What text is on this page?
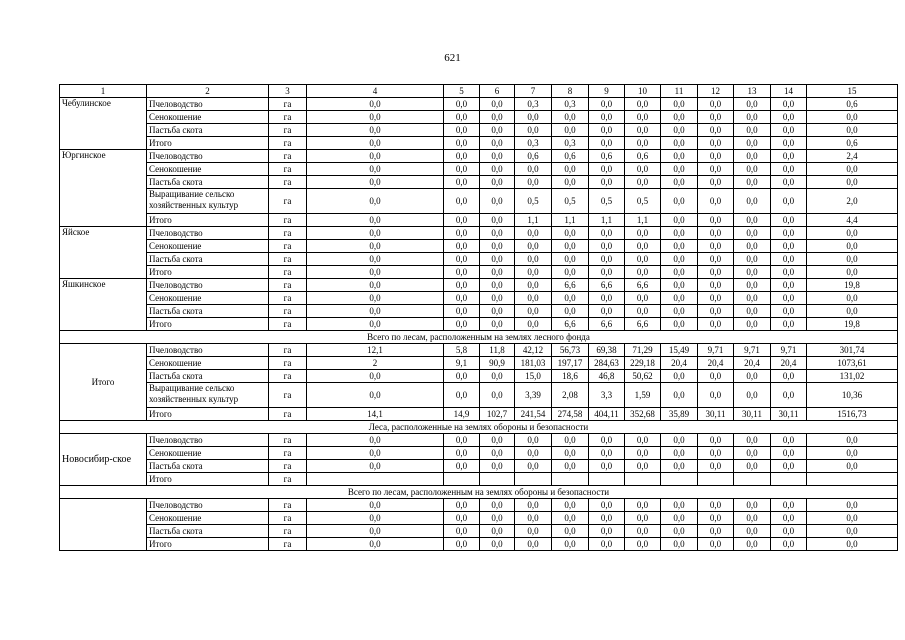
621
1	2	3	4	5	6	7	8	9	10	11	12	13	14	15
Чебулинское	Пчеловодство	га	0,0	0,0	0,0	0,3	0,3	0,0	0,0	0,0	0,0	0,0	0,0	0,6
	Сенокошение	га	0,0	0,0	0,0	0,0	0,0	0,0	0,0	0,0	0,0	0,0	0,0	0,0
	Пастьба скота	га	0,0	0,0	0,0	0,0	0,0	0,0	0,0	0,0	0,0	0,0	0,0	0,0
	Итого	га	0,0	0,0	0,0	0,3	0,3	0,0	0,0	0,0	0,0	0,0	0,0	0,6
Юргинское	Пчеловодство	га	0,0	0,0	0,0	0,6	0,6	0,6	0,6	0,0	0,0	0,0	0,0	2,4
	Сенокошение	га	0,0	0,0	0,0	0,0	0,0	0,0	0,0	0,0	0,0	0,0	0,0	0,0
	Пастьба скота	га	0,0	0,0	0,0	0,0	0,0	0,0	0,0	0,0	0,0	0,0	0,0	0,0
	Выращивание сельско хозяйственных культур	га	0,0	0,0	0,0	0,5	0,5	0,5	0,5	0,0	0,0	0,0	0,0	2,0
	Итого	га	0,0	0,0	0,0	1,1	1,1	1,1	1,1	0,0	0,0	0,0	0,0	4,4
Яйское	Пчеловодство	га	0,0	0,0	0,0	0,0	0,0	0,0	0,0	0,0	0,0	0,0	0,0	0,0
	Сенокошение	га	0,0	0,0	0,0	0,0	0,0	0,0	0,0	0,0	0,0	0,0	0,0	0,0
	Пастьба скота	га	0,0	0,0	0,0	0,0	0,0	0,0	0,0	0,0	0,0	0,0	0,0	0,0
	Итого	га	0,0	0,0	0,0	0,0	0,0	0,0	0,0	0,0	0,0	0,0	0,0	0,0
Яшкинское	Пчеловодство	га	0,0	0,0	0,0	0,0	6,6	6,6	6,6	0,0	0,0	0,0	0,0	19,8
	Сенокошение	га	0,0	0,0	0,0	0,0	0,0	0,0	0,0	0,0	0,0	0,0	0,0	0,0
	Пастьба скота	га	0,0	0,0	0,0	0,0	0,0	0,0	0,0	0,0	0,0	0,0	0,0	0,0
	Итого	га	0,0	0,0	0,0	0,0	6,6	6,6	6,6	0,0	0,0	0,0	0,0	19,8
Всего по лесам, расположенным на землях лесного фонда														
Итого	Пчеловодство	га	12,1	5,8	11,8	42,12	56,73	69,38	71,29	15,49	9,71	9,71	9,71	301,74
	Сенокошение	га	2	9,1	90,9	181,03	197,17	284,63	229,18	20,4	20,4	20,4	20,4	1073,61
	Пастьба скота	га	0,0	0,0	0,0	15,0	18,6	46,8	50,62	0,0	0,0	0,0	0,0	131,02
	Выращивание сельско хозяйственных культур	га	0,0	0,0	0,0	3,39	2,08	3,3	1,59	0,0	0,0	0,0	0,0	10,36
	Итого	га	14,1	14,9	102,7	241,54	274,58	404,11	352,68	35,89	30,11	30,11	30,11	1516,73
Леса, расположенные на землях обороны и безопасности														
Новосибир-ское	Пчеловодство	га	0,0	0,0	0,0	0,0	0,0	0,0	0,0	0,0	0,0	0,0	0,0	0,0
	Сенокошение	га	0,0	0,0	0,0	0,0	0,0	0,0	0,0	0,0	0,0	0,0	0,0	0,0
	Пастьба скота	га	0,0	0,0	0,0	0,0	0,0	0,0	0,0	0,0	0,0	0,0	0,0	0,0
	Итого	га												
Всего по лесам, расположенным на землях обороны и безопасности														
	Пчеловодство	га	0,0	0,0	0,0	0,0	0,0	0,0	0,0	0,0	0,0	0,0	0,0	0,0
	Сенокошение	га	0,0	0,0	0,0	0,0	0,0	0,0	0,0	0,0	0,0	0,0	0,0	0,0
	Пастьба скота	га	0,0	0,0	0,0	0,0	0,0	0,0	0,0	0,0	0,0	0,0	0,0	0,0
	Итого	га	0,0	0,0	0,0	0,0	0,0	0,0	0,0	0,0	0,0	0,0	0,0	0,0
